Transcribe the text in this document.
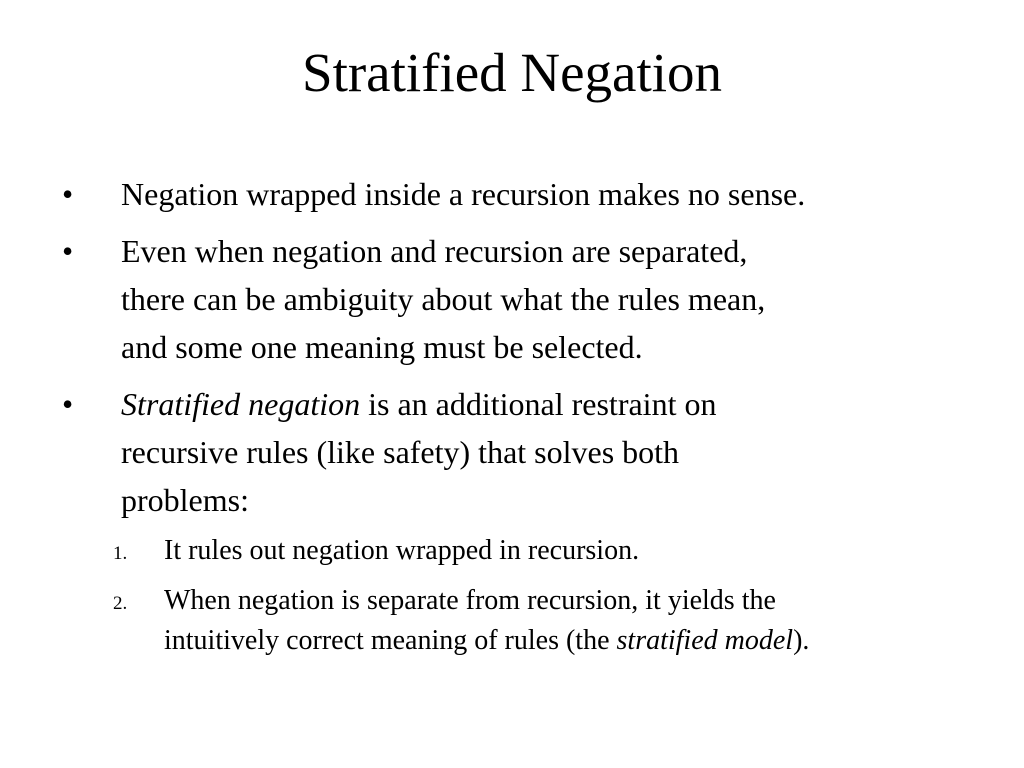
Stratified Negation
• Negation wrapped inside a recursion makes no sense.
• Even when negation and recursion are separated,
there can be ambiguity about what the rules mean,
and some one meaning must be selected.
• Stratified negation is an additional restraint on
recursive rules (like safety) that solves both
problems:
1. It rules out negation wrapped in recursion.
2. When negation is separate from recursion, it yields the
intuitively correct meaning of rules (the stratified model).
